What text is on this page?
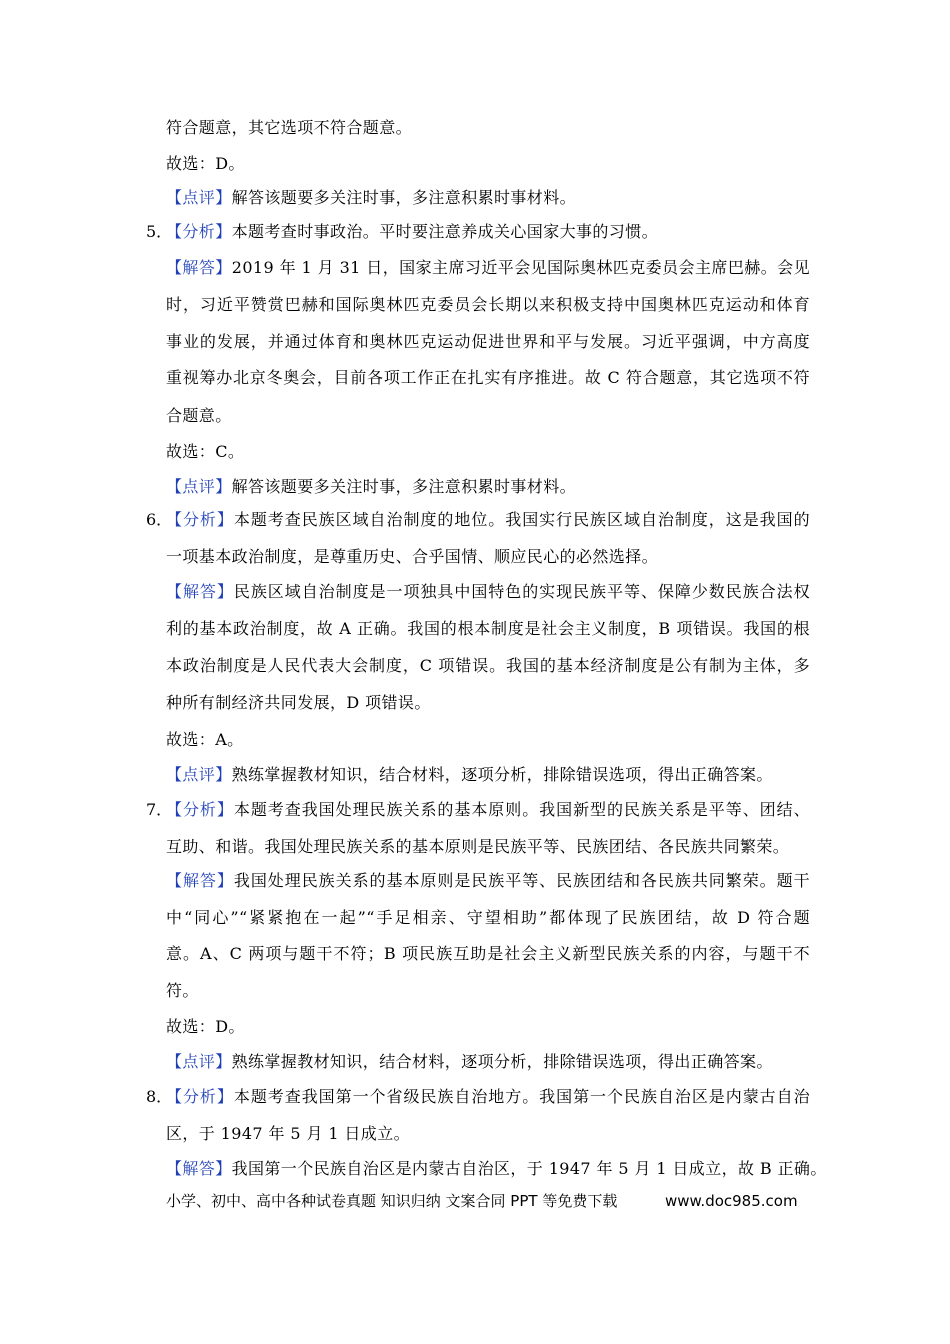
符合题意，其它选项不符合题意。
故选：D。
【点评】解答该题要多关注时事，多注意积累时事材料。
5．
【分析】本题考查时事政治。平时要注意养成关心国家大事的习惯。
【解答】2019 年 1 月 31 日，国家主席习近平会见国际奥林匹克委员会主席巴赫。会见
时，习近平赞赏巴赫和国际奥林匹克委员会长期以来积极支持中国奥林匹克运动和体育
事业的发展，并通过体育和奥林匹克运动促进世界和平与发展。习近平强调，中方高度
重视筹办北京冬奥会，目前各项工作正在扎实有序推进。故 C 符合题意，其它选项不符
合题意。
故选：C。
【点评】解答该题要多关注时事，多注意积累时事材料。
6．
【分析】本题考查民族区域自治制度的地位。我国实行民族区域自治制度，这是我国的
一项基本政治制度，是尊重历史、合乎国情、顺应民心的必然选择。
【解答】民族区域自治制度是一项独具中国特色的实现民族平等、保障少数民族合法权
利的基本政治制度，故 A 正确。我国的根本制度是社会主义制度，B 项错误。我国的根
本政治制度是人民代表大会制度，C 项错误。我国的基本经济制度是公有制为主体，多
种所有制经济共同发展，D 项错误。
故选：A。
【点评】熟练掌握教材知识，结合材料，逐项分析，排除错误选项，得出正确答案。
7．
【分析】本题考查我国处理民族关系的基本原则。我国新型的民族关系是平等、团结、
互助、和谐。我国处理民族关系的基本原则是民族平等、民族团结、各民族共同繁荣。
【解答】我国处理民族关系的基本原则是民族平等、民族团结和各民族共同繁荣。题干
中“同心”“紧紧抱在一起”“手足相亲、守望相助”都体现了民族团结，故 D 符合题
意。A、C 两项与题干不符；B 项民族互助是社会主义新型民族关系的内容，与题干不
符。
故选：D。
【点评】熟练掌握教材知识，结合材料，逐项分析，排除错误选项，得出正确答案。
8．
【分析】本题考查我国第一个省级民族自治地方。我国第一个民族自治区是内蒙古自治
区，于 1947 年 5 月 1 日成立。
【解答】我国第一个民族自治区是内蒙古自治区，于 1947 年 5 月 1 日成立，故 B 正确。
小学、初中、高中各种试卷真题 知识归纳 文案合同 PPT 等免费下载	www.doc985.com
